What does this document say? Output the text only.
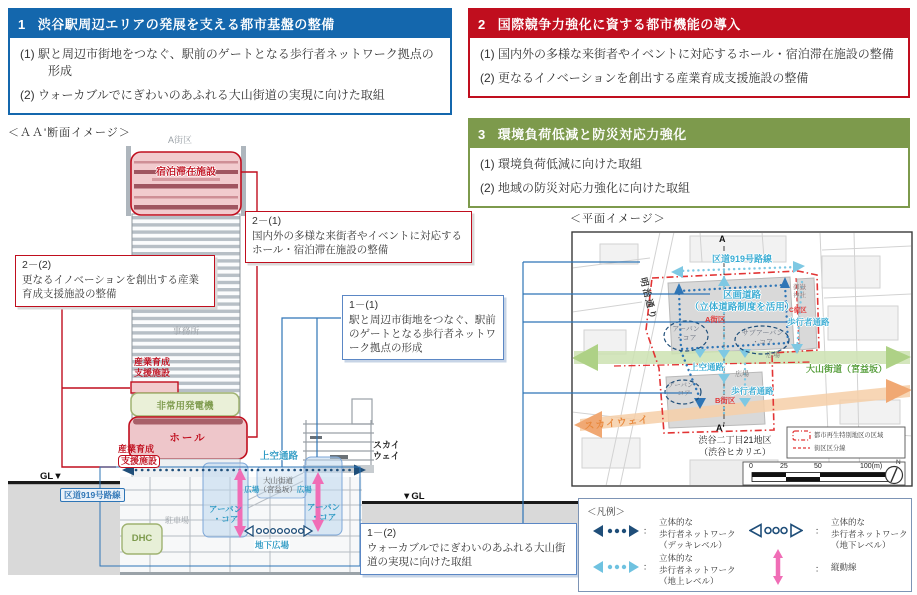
1 渋谷駅周辺エリアの発展を支える都市基盤の整備
(1) 駅と周辺市街地をつなぐ、駅前のゲートとなる歩行者ネットワーク拠点の形成
(2) ウォーカブルでにぎわいのあふれる大山街道の実現に向けた取組
2 国際競争力強化に資する都市機能の導入
(1) 国内外の多様な来街者やイベントに対応するホール・宿泊滞在施設の整備
(2) 更なるイノベーションを創出する産業育成支援施設の整備
3 環境負荷低減と防災対応力強化
(1) 環境負荷低減に向けた取組
(2) 地域の防災対応力強化に向けた取組
＜ＡＡ'断面イメージ＞
A街区
宿泊滞在施設
事務所
産業育成
支援施設
非常用発電機
ホール
産業育成
支援施設	上空通路
スカイ
ウェイ
大山街道
広場（宮益坂）広場
アーバン
・コア
アーバン
・コア
駐車場
DHC
地下広場
GL▼
▼GL
区道919号路線
2－(2)
更なるイノベーションを創出する産業育成支援施設の整備
2－(1)
国内外の多様な来街者やイベントに対応するホール・宿泊滞在施設の整備
1－(1)
駅と周辺市街地をつなぐ、駅前のゲートとなる歩行者ネットワーク拠点の形成
1－(2)
ウォーカブルでにぎわいのあふれる大山街道の実現に向けた取組
＜平面イメージ＞
A
A'
区道919号路線
明治通り	区画道路
（立体道路制度を活用）
A街区
御嶽
神社
C街区
歩行者通路
アーバン
・コア
サブアーバン
・コア
広場
広場
上空通路	大山街道（宮益坂）
アーバン・
コア	歩行者通路
B街区
スカイウェイ
渋谷二丁目21地区
（渋谷ヒカリエ）
都市再生特別地区の区域
街区区分線
0	25	50	100(m)
N
＜凡例＞
：
立体的な
歩行者ネットワーク
（デッキレベル）
：
立体的な
歩行者ネットワーク
（地上レベル）
：
立体的な
歩行者ネットワーク
（地下レベル）
： 縦動線
